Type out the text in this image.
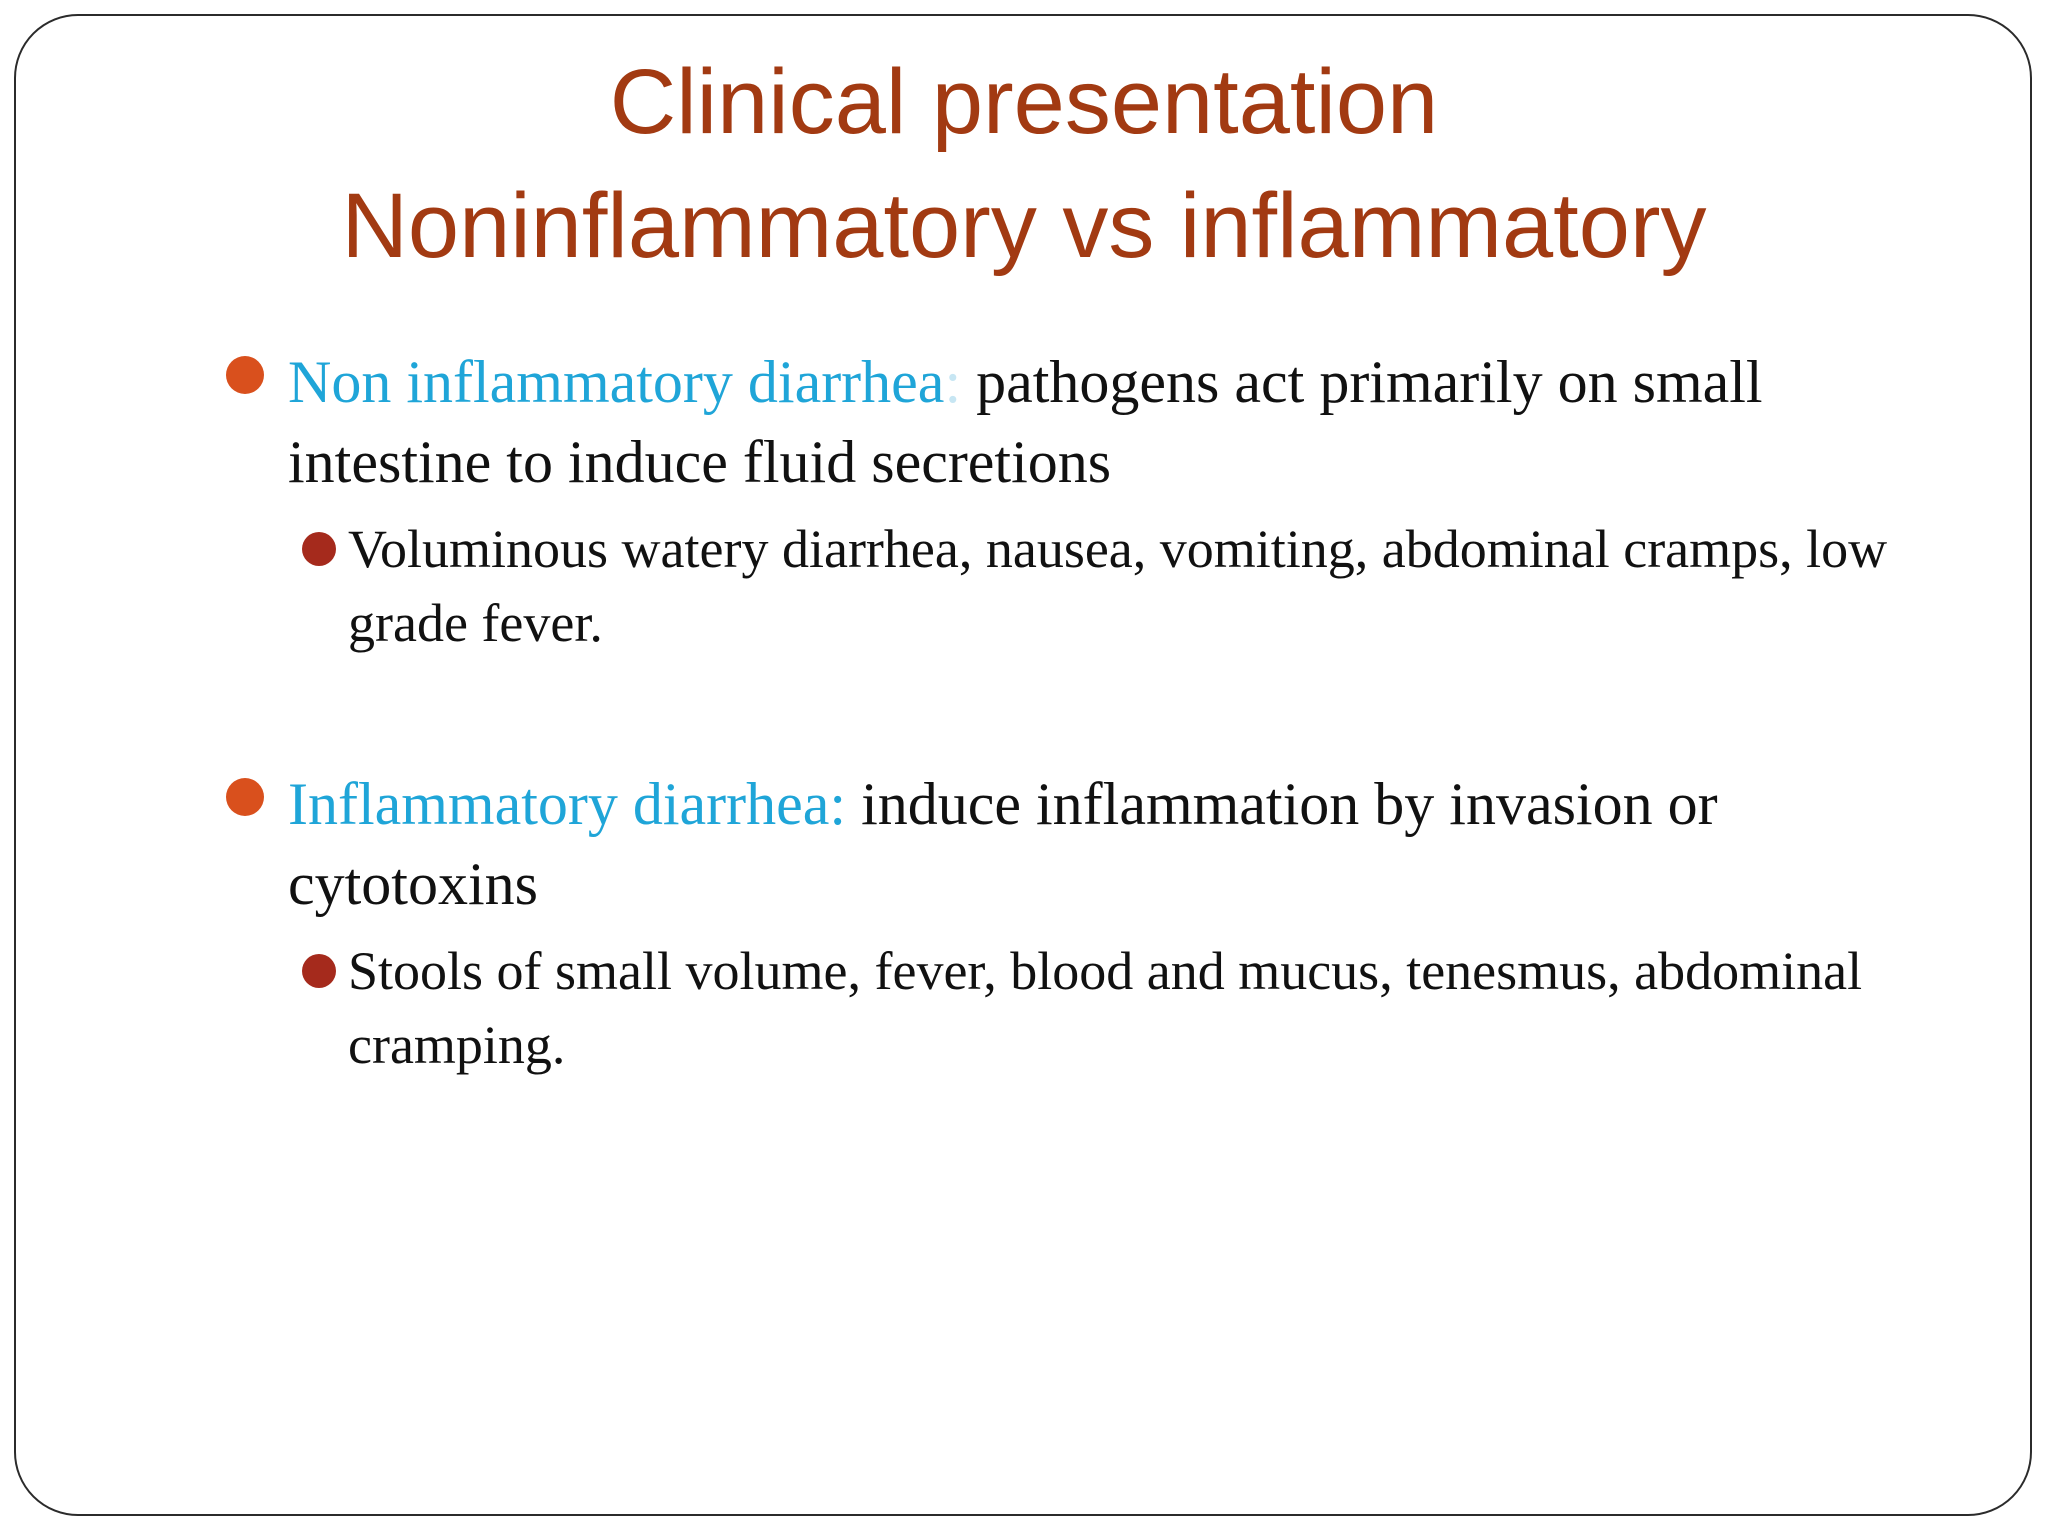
Clinical presentation
Noninflammatory vs inflammatory
Non inflammatory diarrhea: pathogens act primarily on small intestine to induce fluid secretions
Voluminous watery diarrhea, nausea, vomiting, abdominal cramps, low grade fever.
Inflammatory diarrhea: induce inflammation by invasion or cytotoxins
Stools of small volume, fever, blood and mucus, tenesmus, abdominal cramping.
